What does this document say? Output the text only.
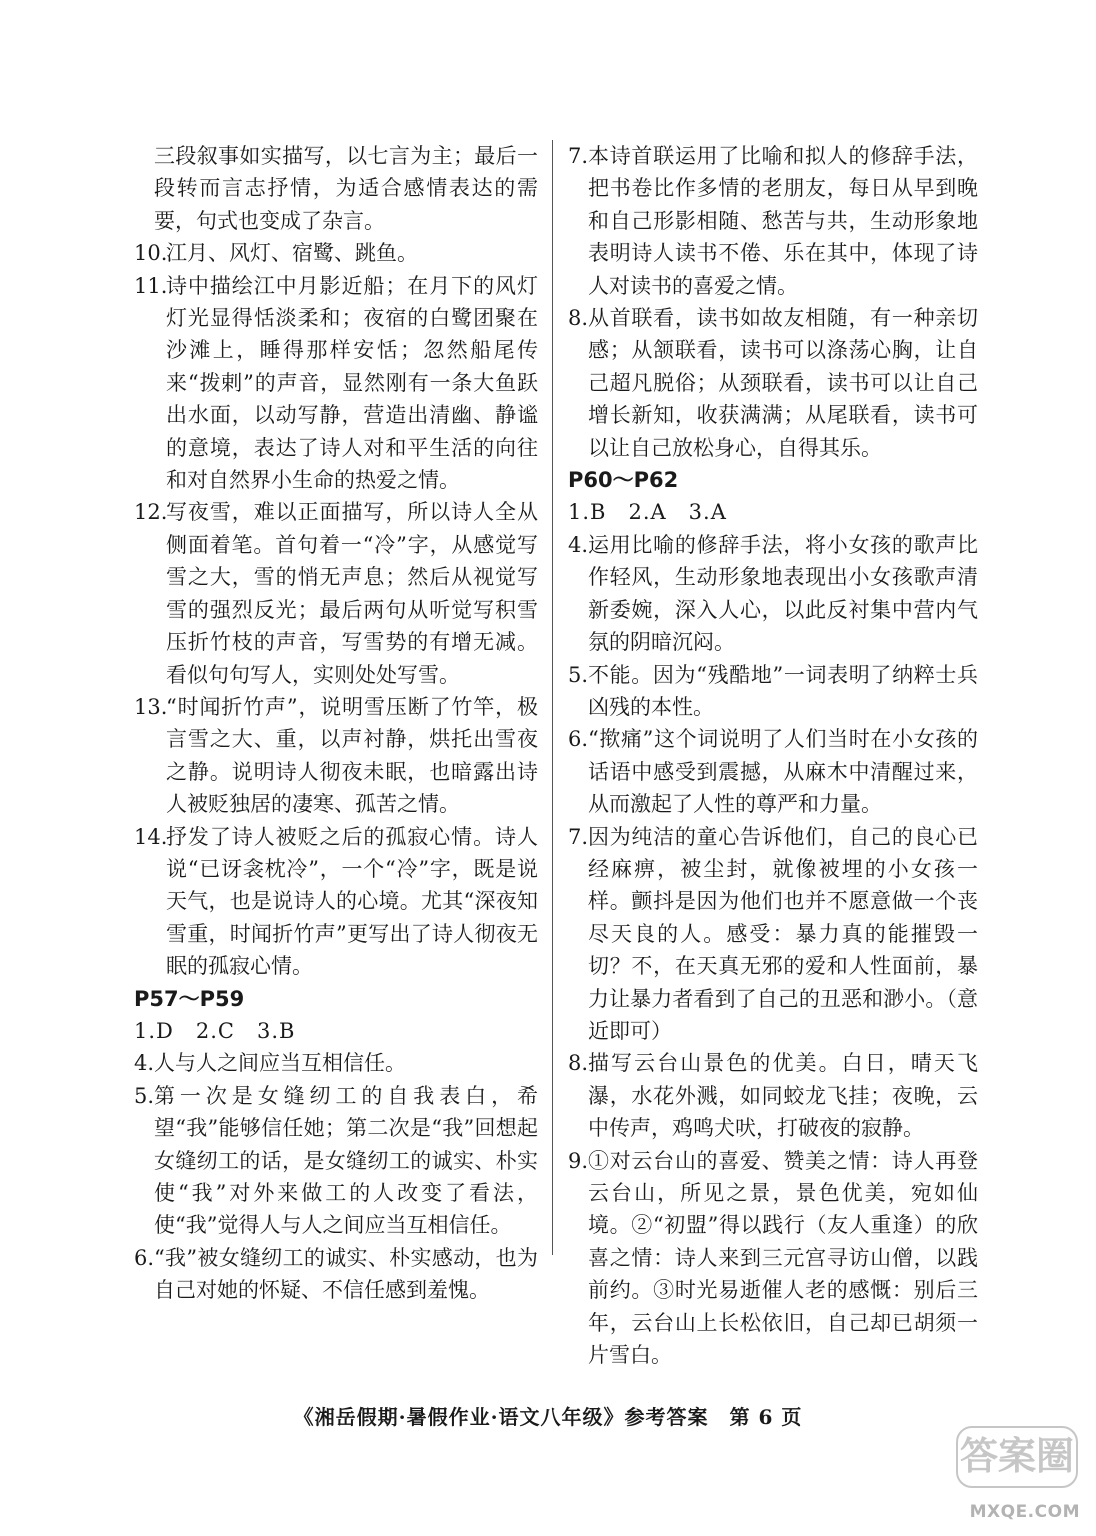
三段叙事如实描写，以七言为主；最后一段转而言志抒情，为适合感情表达的需要，句式也变成了杂言。
10.
江月、风灯、宿鹭、跳鱼。
11.
诗中描绘江中月影近船；在月下的风灯灯光显得恬淡柔和；夜宿的白鹭团聚在沙滩上，睡得那样安恬；忽然船尾传来“拨剌”的声音，显然刚有一条大鱼跃出水面，以动写静，营造出清幽、静谧的意境，表达了诗人对和平生活的向往和对自然界小生命的热爱之情。
12.
写夜雪，难以正面描写，所以诗人全从侧面着笔。首句着一“冷”字，从感觉写雪之大，雪的悄无声息；然后从视觉写雪的强烈反光；最后两句从听觉写积雪压折竹枝的声音，写雪势的有增无减。看似句句写人，实则处处写雪。
13.
“时闻折竹声”，说明雪压断了竹竿，极言雪之大、重，以声衬静，烘托出雪夜之静。说明诗人彻夜未眠，也暗露出诗人被贬独居的凄寒、孤苦之情。
14.
抒发了诗人被贬之后的孤寂心情。诗人说“已讶衾枕冷”，一个“冷”字，既是说天气，也是说诗人的心境。尤其“深夜知雪重，时闻折竹声”更写出了诗人彻夜无眠的孤寂心情。
P57～P59
1.D　2.C　3.B
4. 人与人之间应当互相信任。
5. 第一次是女缝纫工的自我表白，希望“我”能够信任她；第二次是“我”回想起女缝纫工的话，是女缝纫工的诚实、朴实使“我”对外来做工的人改变了看法，使“我”觉得人与人之间应当互相信任。
6. “我”被女缝纫工的诚实、朴实感动，也为自己对她的怀疑、不信任感到羞愧。
7. 本诗首联运用了比喻和拟人的修辞手法，把书卷比作多情的老朋友，每日从早到晚和自己形影相随、愁苦与共，生动形象地表明诗人读书不倦、乐在其中，体现了诗人对读书的喜爱之情。
8. 从首联看，读书如故友相随，有一种亲切感；从颔联看，读书可以涤荡心胸，让自己超凡脱俗；从颈联看，读书可以让自己增长新知，收获满满；从尾联看，读书可以让自己放松身心，自得其乐。
P60～P62
1.B　2.A　3.A
4. 运用比喻的修辞手法，将小女孩的歌声比作轻风，生动形象地表现出小女孩歌声清新委婉，深入人心，以此反衬集中营内气氛的阴暗沉闷。
5. 不能。因为“残酷地”一词表明了纳粹士兵凶残的本性。
6. “揿痛”这个词说明了人们当时在小女孩的话语中感受到震撼，从麻木中清醒过来，从而激起了人性的尊严和力量。
7. 因为纯洁的童心告诉他们，自己的良心已经麻痹，被尘封，就像被埋的小女孩一样。颤抖是因为他们也并不愿意做一个丧尽天良的人。感受：暴力真的能摧毁一切？不，在天真无邪的爱和人性面前，暴力让暴力者看到了自己的丑恶和渺小。（意近即可）
8. 描写云台山景色的优美。白日，晴天飞瀑，水花外溅，如同蛟龙飞挂；夜晚，云中传声，鸡鸣犬吠，打破夜的寂静。
9. ①对云台山的喜爱、赞美之情：诗人再登云台山，所见之景，景色优美，宛如仙境。②“初盟”得以践行（友人重逢）的欣喜之情：诗人来到三元宫寻访山僧，以践前约。③时光易逝催人老的感慨：别后三年，云台山上长松依旧，自己却已胡须一片雪白。
《湘岳假期·暑假作业·语文八年级》参考答案　第 6 页
答案圈
MXQE.COM
